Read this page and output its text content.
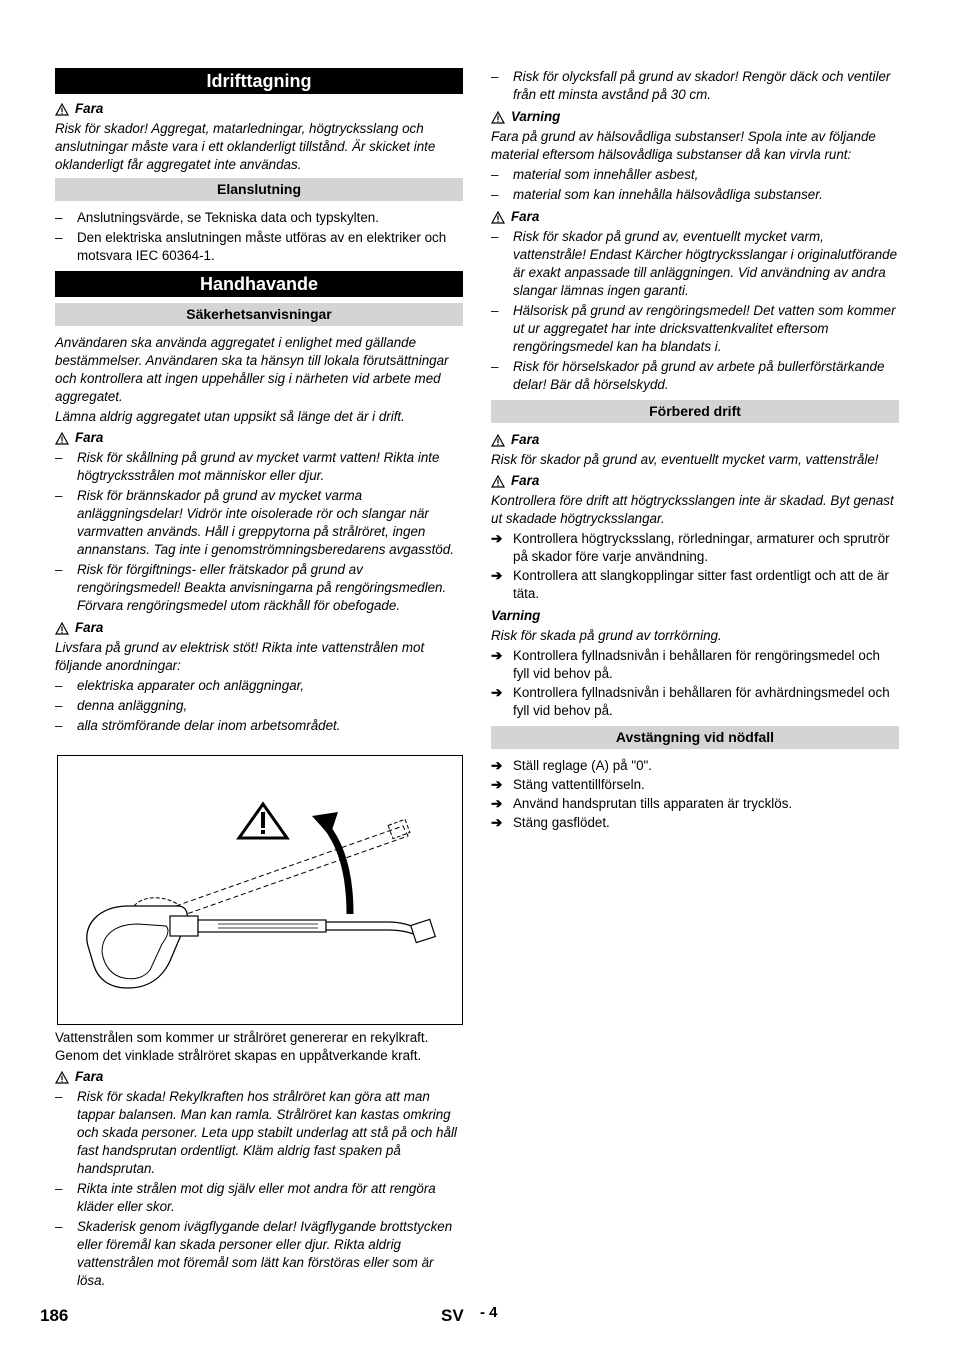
Idrifttagning
Fara

Risk för skador! Aggregat, matarledningar, högtrycksslang och anslutningar måste vara i ett oklanderligt tillstånd. Är skicket inte oklanderligt får aggregatet inte användas.

Elanslutning
– Anslutningsvärde, se Tekniska data och typskylten.
– Den elektriska anslutningen måste utföras av en elektriker och motsvara IEC 60364-1.
Handhavande
Säkerhetsanvisningar

Användaren ska använda aggregatet i enlighet med gällande bestämmelser. Användaren ska ta hänsyn till lokala förutsättningar och kontrollera att ingen uppehåller sig i närheten vid arbete med aggregatet.

Lämna aldrig aggregatet utan uppsikt så länge det är i drift.

Fara
– Risk för skållning på grund av mycket varmt vatten! Rikta inte högtrycksstrålen mot människor eller djur.
– Risk för brännskador på grund av mycket varma anläggningsdelar! Vidrör inte oisolerade rör och slangar när varmvatten används. Håll i greppytorna på strålröret, ingen annanstans. Tag inte i genomströmningsberedarens avgasstöd.
– Risk för förgiftnings- eller frätskador på grund av rengöringsmedel! Beakta anvisningarna på rengöringsmedlen. Förvara rengöringsmedel utom räckhåll för obefogade.
Fara

Livsfara på grund av elektrisk stöt! Rikta inte vattenstrålen mot följande anordningar:

– elektriska apparater och anläggningar,
– denna anläggning,
– alla strömförande delar inom arbetsområdet.

Vattenstrålen som kommer ur strålröret genererar en rekylkraft. Genom det vinklade strålröret skapas en uppåtverkande kraft.

Fara
– Risk för skada! Rekylkraften hos strålröret kan göra att man tappar balansen. Man kan ramla. Strålröret kan kastas omkring och skada personer. Leta upp stabilt underlag att stå på och håll fast handsprutan ordentligt. Kläm aldrig fast spaken på handsprutan.
– Rikta inte strålen mot dig själv eller mot andra för att rengöra kläder eller skor.
– Skaderisk genom ivägflygande delar! Ivägflygande brottstycken eller föremål kan skada personer eller djur. Rikta aldrig vattenstrålen mot föremål som lätt kan förstöras eller som är lösa.
– Risk för olycksfall på grund av skador! Rengör däck och ventiler från ett minsta avstånd på 30 cm.
Varning

Fara på grund av hälsovådliga substanser! Spola inte av följande material eftersom hälsovådliga substanser då kan virvla runt:

– material som innehåller asbest,
– material som kan innehålla hälsovådliga substanser.
Fara
– Risk för skador på grund av, eventuellt mycket varm, vattenstråle! Endast Kärcher högtrycksslangar i originalutförande är exakt anpassade till anläggningen. Vid användning av andra slangar lämnas ingen garanti.
– Hälsorisk på grund av rengöringsmedel! Det vatten som kommer ut ur aggregatet har inte dricksvattenkvalitet eftersom rengöringsmedel kan ha blandats i.
– Risk för hörselskador på grund av arbete på bullerförstärkande delar! Bär då hörselskydd.
Förbered drift
Fara

Risk för skador på grund av, eventuellt mycket varm, vattenstråle!

Fara

Kontrollera före drift att högtrycksslangen inte är skadad. Byt genast ut skadade högtrycksslangar.

➔ Kontrollera högtrycksslang, rörledningar, armaturer och sprutrör på skador före varje användning.
➔ Kontrollera att slangkopplingar sitter fast ordentligt och att de är täta.
Varning

Risk för skada på grund av torrkörning.

➔ Kontrollera fyllnadsnivån i behållaren för rengöringsmedel och fyll vid behov på.
➔ Kontrollera fyllnadsnivån i behållaren för avhärdningsmedel och fyll vid behov på.
Avstängning vid nödfall
➔ Ställ reglage (A) på "0".
➔ Stäng vattentillförseln.
➔ Använd handsprutan tills apparaten är trycklös.
➔ Stäng gasflödet.
186	SV - 4
